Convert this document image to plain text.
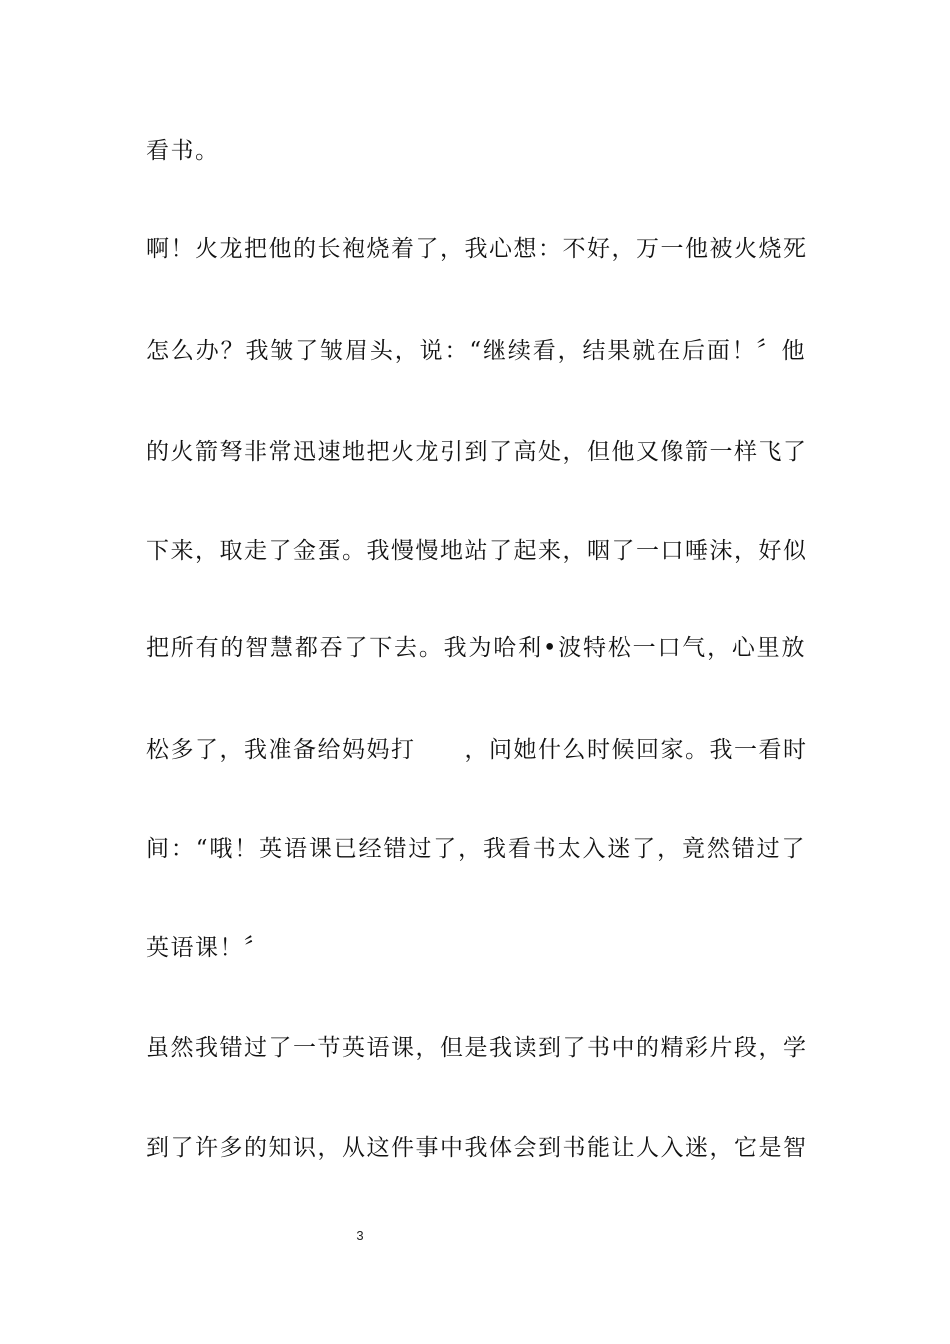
看书。
啊！火龙把他的长袍烧着了，我心想：不好，万一他被火烧死
怎么办？我皱了皱眉头，说：“继续看，结果就在后面！〞他
的火箭弩非常迅速地把火龙引到了高处，但他又像箭一样飞了
下来，取走了金蛋。我慢慢地站了起来，咽了一口唾沫，好似
把所有的智慧都吞了下去。我为哈利•波特松一口气，心里放
松多了，我准备给妈妈打　　，问她什么时候回家。我一看时
间：“哦！英语课已经错过了，我看书太入迷了，竟然错过了
英语课！〞
虽然我错过了一节英语课，但是我读到了书中的精彩片段，学
到了许多的知识，从这件事中我体会到书能让人入迷，它是智
3
